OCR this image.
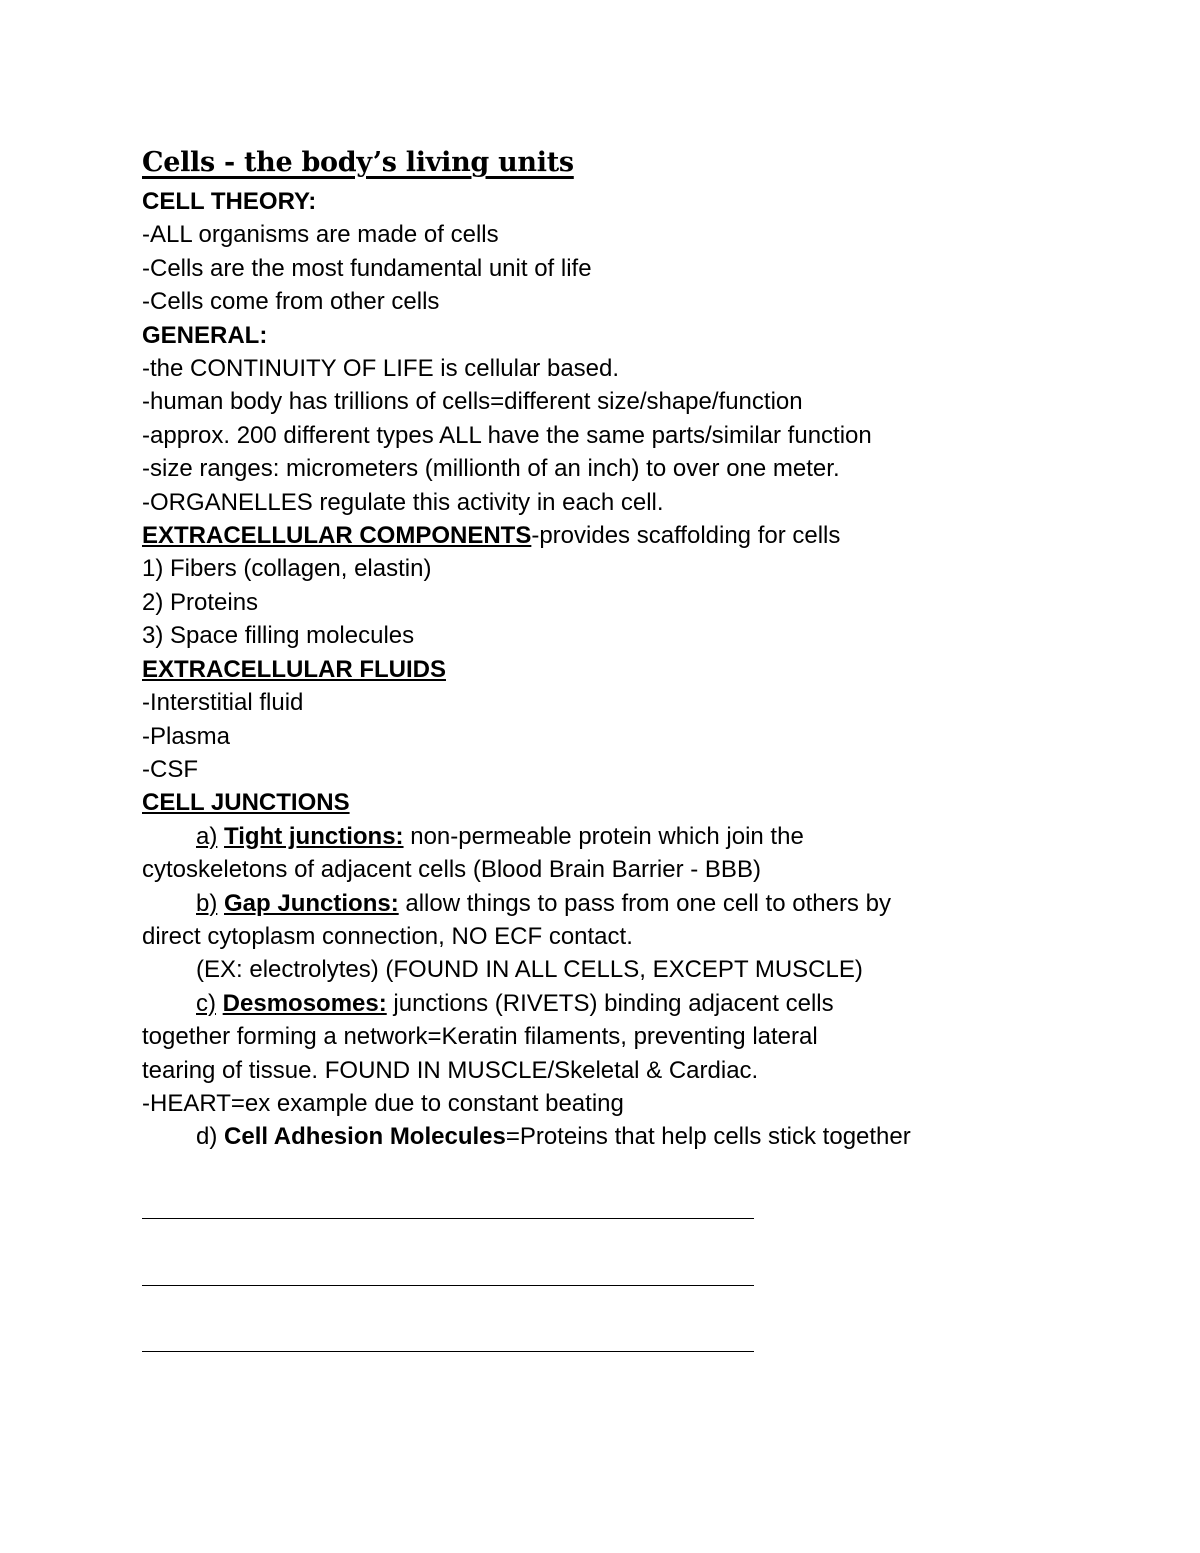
Cells - the body’s living units
CELL THEORY:
-ALL organisms are made of cells
-Cells are the most fundamental unit of life
-Cells come from other cells
GENERAL:
-the CONTINUITY OF LIFE is cellular based.
-human body has trillions of cells=different size/shape/function
-approx. 200 different types ALL have the same parts/similar function
-size ranges: micrometers (millionth of an inch) to over one meter.
-ORGANELLES regulate this activity in each cell.
EXTRACELLULAR COMPONENTS-provides scaffolding for cells
1) Fibers (collagen, elastin)
2) Proteins
3) Space filling molecules
EXTRACELLULAR FLUIDS
-Interstitial fluid
-Plasma
-CSF
CELL JUNCTIONS
a) Tight junctions: non-permeable protein which join the
cytoskeletons of adjacent cells (Blood Brain Barrier - BBB)
b) Gap Junctions: allow things to pass from one cell to others by
direct cytoplasm connection, NO ECF contact.
(EX: electrolytes) (FOUND IN ALL CELLS, EXCEPT MUSCLE)
c) Desmosomes: junctions (RIVETS) binding adjacent cells
together forming a network=Keratin filaments, preventing lateral
tearing of tissue. FOUND IN MUSCLE/Skeletal & Cardiac.
-HEART=ex example due to constant beating
d) Cell Adhesion Molecules=Proteins that help cells stick together
